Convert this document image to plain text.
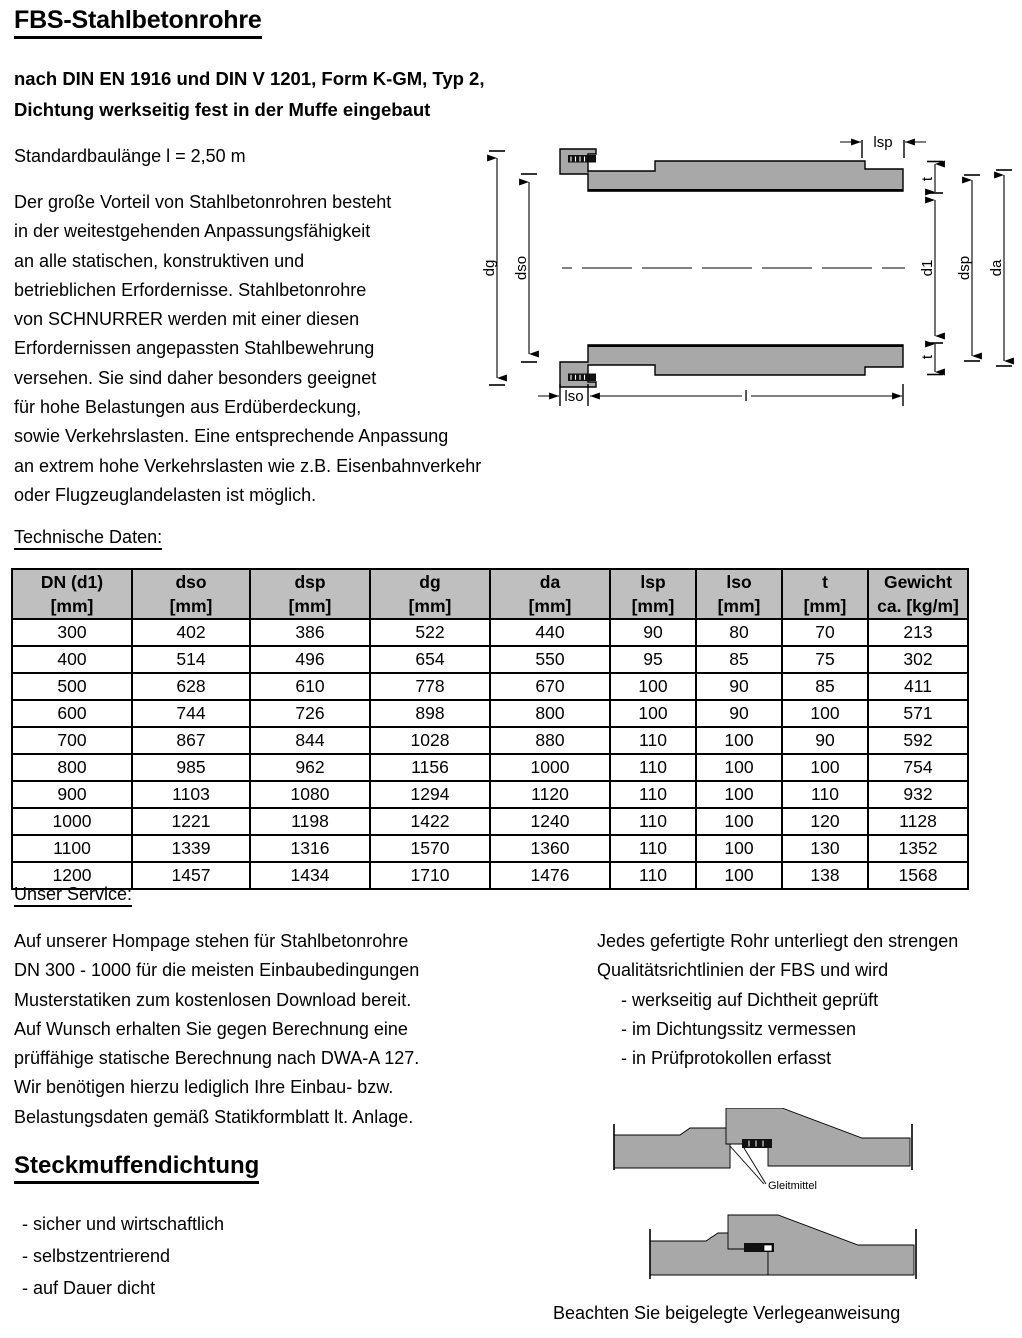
FBS-Stahlbetonrohre
nach DIN EN 1916 und DIN V 1201, Form K-GM, Typ 2,
Dichtung werkseitig fest in der Muffe eingebaut
Standardbaulänge l = 2,50 m
Der große Vorteil von Stahlbetonrohren besteht
in der weitestgehenden Anpassungsfähigkeit
an alle statischen, konstruktiven und
betrieblichen Erfordernisse. Stahlbetonrohre
von SCHNURRER werden mit einer diesen
Erfordernissen angepassten Stahlbewehrung
versehen. Sie sind daher besonders geeignet
für hohe Belastungen aus Erdüberdeckung,
sowie Verkehrslasten. Eine entsprechende Anpassung
an extrem hohe Verkehrslasten wie z.B. Eisenbahnverkehr
oder Flugzeuglandelasten ist möglich.
Technische Daten:
dg dso
t
d1
t
dsp da
lsp
lso	l
DN (d1)	dso	dsp	dg	da	lsp	lso	t	Gewicht
[mm]	[mm]	[mm]	[mm]	[mm]	[mm]	[mm]	[mm]	ca. [kg/m]
300	402	386	522	440	90	80	70	213
400	514	496	654	550	95	85	75	302
500	628	610	778	670	100	90	85	411
600	744	726	898	800	100	90	100	571
700	867	844	1028	880	110	100	90	592
800	985	962	1156	1000	110	100	100	754
900	1103	1080	1294	1120	110	100	110	932
1000	1221	1198	1422	1240	110	100	120	1128
1100	1339	1316	1570	1360	110	100	130	1352
1200	1457	1434	1710	1476	110	100	138	1568
Unser Service:
Auf unserer Hompage stehen für Stahlbetonrohre
DN 300 - 1000 für die meisten Einbaubedingungen
Musterstatiken zum kostenlosen Download bereit.
Auf Wunsch erhalten Sie gegen Berechnung eine
prüffähige statische Berechnung nach DWA-A 127.
Wir benötigen hierzu lediglich Ihre Einbau- bzw.
Belastungsdaten gemäß Statikformblatt lt. Anlage.
Jedes gefertigte Rohr unterliegt den strengen
Qualitätsrichtlinien der FBS und wird
- werkseitig auf Dichtheit geprüft
- im Dichtungssitz vermessen
- in Prüfprotokollen erfasst
Steckmuffendichtung
- sicher und wirtschaftlich
- selbstzentrierend
- auf Dauer dicht
Gleitmittel
Beachten Sie beigelegte Verlegeanweisung
